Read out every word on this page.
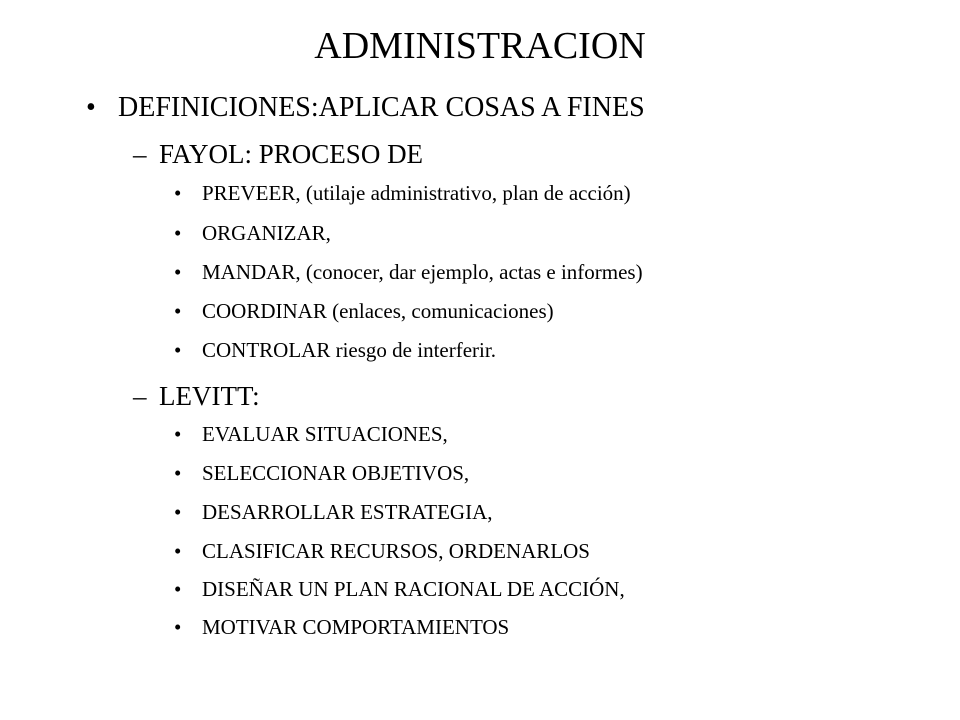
ADMINISTRACION
• DEFINICIONES:APLICAR COSAS A FINES
– FAYOL: PROCESO DE
• PREVEER, (utilaje administrativo, plan de acción)
• ORGANIZAR,
• MANDAR, (conocer, dar ejemplo, actas e informes)
• COORDINAR (enlaces, comunicaciones)
• CONTROLAR riesgo de interferir.
– LEVITT:
• EVALUAR SITUACIONES,
• SELECCIONAR OBJETIVOS,
• DESARROLLAR ESTRATEGIA,
• CLASIFICAR RECURSOS, ORDENARLOS
• DISEÑAR UN PLAN RACIONAL DE ACCIÓN,
• MOTIVAR COMPORTAMIENTOS
